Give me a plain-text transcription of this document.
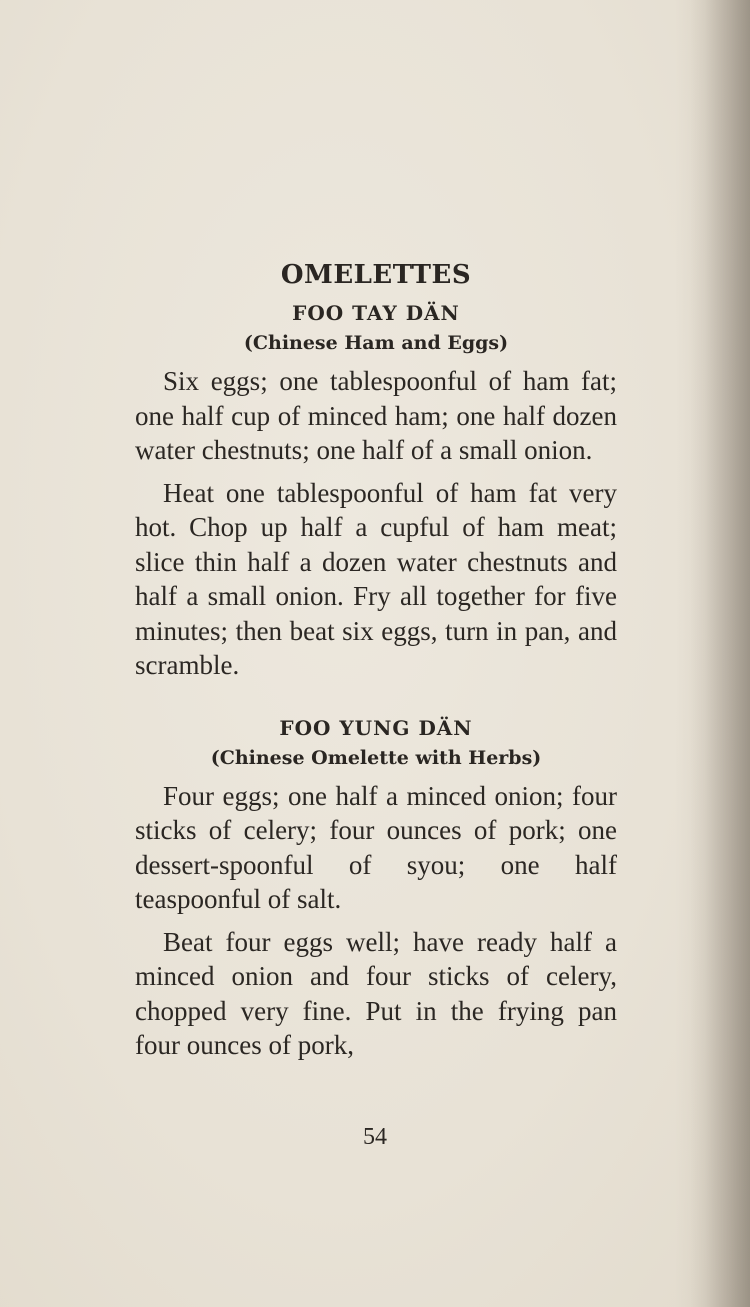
OMELETTES
FOO TAY DÄN
(Chinese Ham and Eggs)

Six eggs; one tablespoonful of ham fat; one half cup of minced ham; one half dozen water chestnuts; one half of a small onion.

Heat one tablespoonful of ham fat very hot. Chop up half a cupful of ham meat; slice thin half a dozen water chestnuts and half a small onion. Fry all together for five minutes; then beat six eggs, turn in pan, and scramble.

FOO YUNG DÄN
(Chinese Omelette with Herbs)

Four eggs; one half a minced onion; four sticks of celery; four ounces of pork; one dessert-spoonful of syou; one half teaspoonful of salt.

Beat four eggs well; have ready half a minced onion and four sticks of celery, chopped very fine. Put in the frying pan four ounces of pork,

54
